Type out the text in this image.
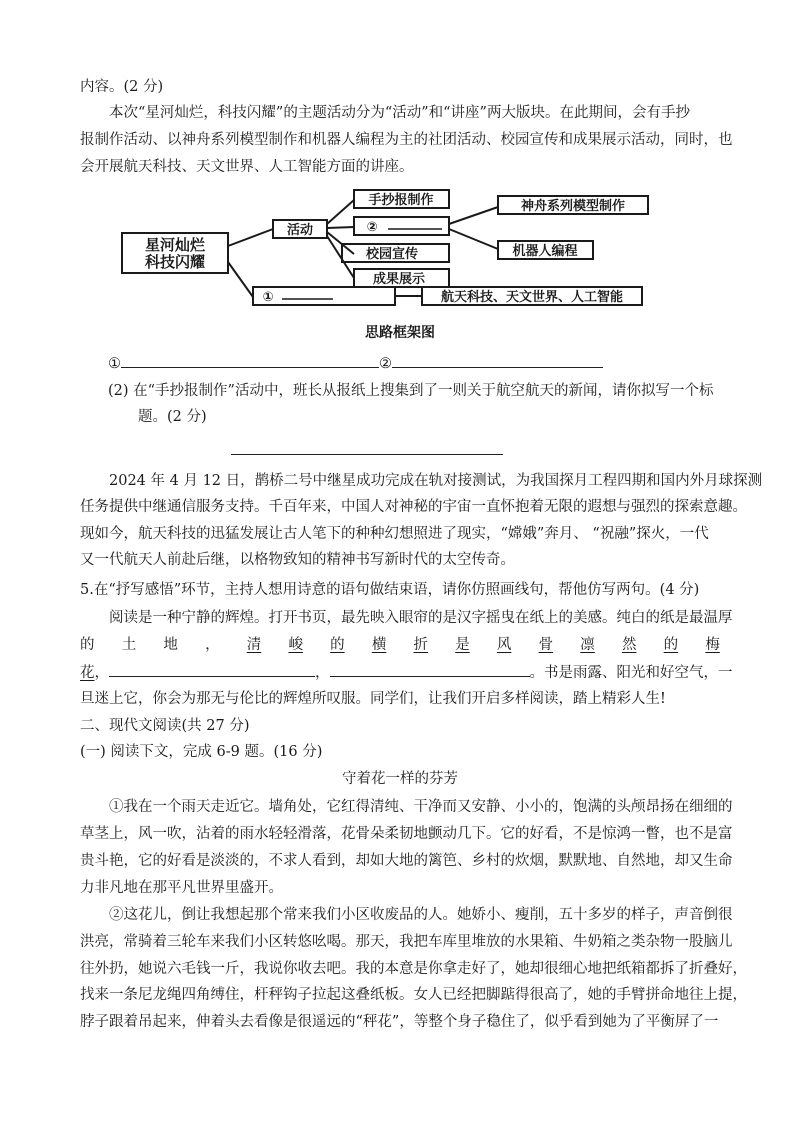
内容。(2 分)
本次“星河灿烂，科技闪耀”的主题活动分为“活动”和“讲座”两大版块。在此期间，会有手抄
报制作活动、以神舟系列模型制作和机器人编程为主的社团活动、校园宣传和成果展示活动，同时，也
会开展航天科技、天文世界、人工智能方面的讲座。
星河灿烂
科技闪耀
活动
手抄报制作
②
校园宣传
成果展示
神舟系列模型制作
机器人编程
①	航天科技、天文世界、人工智能
思路框架图
①	②
(2) 在“手抄报制作”活动中，班长从报纸上搜集到了一则关于航空航天的新闻，请你拟写一个标
题。(2 分)
2024 年 4 月 12 日，鹊桥二号中继星成功完成在轨对接测试，为我国探月工程四期和国内外月球探测
任务提供中继通信服务支持。千百年来，中国人对神秘的宇宙一直怀抱着无限的遐想与强烈的探索意趣。
现如今，航天科技的迅猛发展让古人笔下的种种幻想照进了现实，“嫦娥”奔月、 “祝融”探火，一代
又一代航天人前赴后继，以格物致知的精神书写新时代的太空传奇。
5.在“抒写感悟”环节，主持人想用诗意的语句做结束语，请你仿照画线句，帮他仿写两句。(4 分)
阅读是一种宁静的辉煌。打开书页，最先映入眼帘的是汉字摇曳在纸上的美感。纯白的纸是最温厚
的 土 地 ， 清 峻 的 横 折 是 风 骨 凛 然 的 梅
花，	，	。书是雨露、阳光和好空气，一
旦迷上它，你会为那无与伦比的辉煌所叹服。同学们，让我们开启多样阅读，踏上精彩人生!
二、现代文阅读(共 27 分)
(一) 阅读下文，完成 6-9 题。(16 分)
守着花一样的芬芳
①我在一个雨天走近它。墙角处，它红得清纯、干净而又安静、小小的，饱满的头颅昂扬在细细的
草茎上，风一吹，沾着的雨水轻轻滑落，花骨朵柔韧地颤动几下。它的好看，不是惊鸿一瞥，也不是富
贵斗艳，它的好看是淡淡的，不求人看到，却如大地的篱笆、乡村的炊烟，默默地、自然地，却又生命
力非凡地在那平凡世界里盛开。
②这花儿，倒让我想起那个常来我们小区收废品的人。她娇小、瘦削，五十多岁的样子，声音倒很
洪亮，常骑着三轮车来我们小区转悠吆喝。那天，我把车库里堆放的水果箱、牛奶箱之类杂物一股脑儿
往外扔，她说六毛钱一斤，我说你收去吧。我的本意是你拿走好了，她却很细心地把纸箱都拆了折叠好，
找来一条尼龙绳四角缚住，杆秤钩子拉起这叠纸板。女人已经把脚踮得很高了，她的手臂拼命地往上提，
脖子跟着吊起来，伸着头去看像是很遥远的“秤花”，等整个身子稳住了，似乎看到她为了平衡屏了一
